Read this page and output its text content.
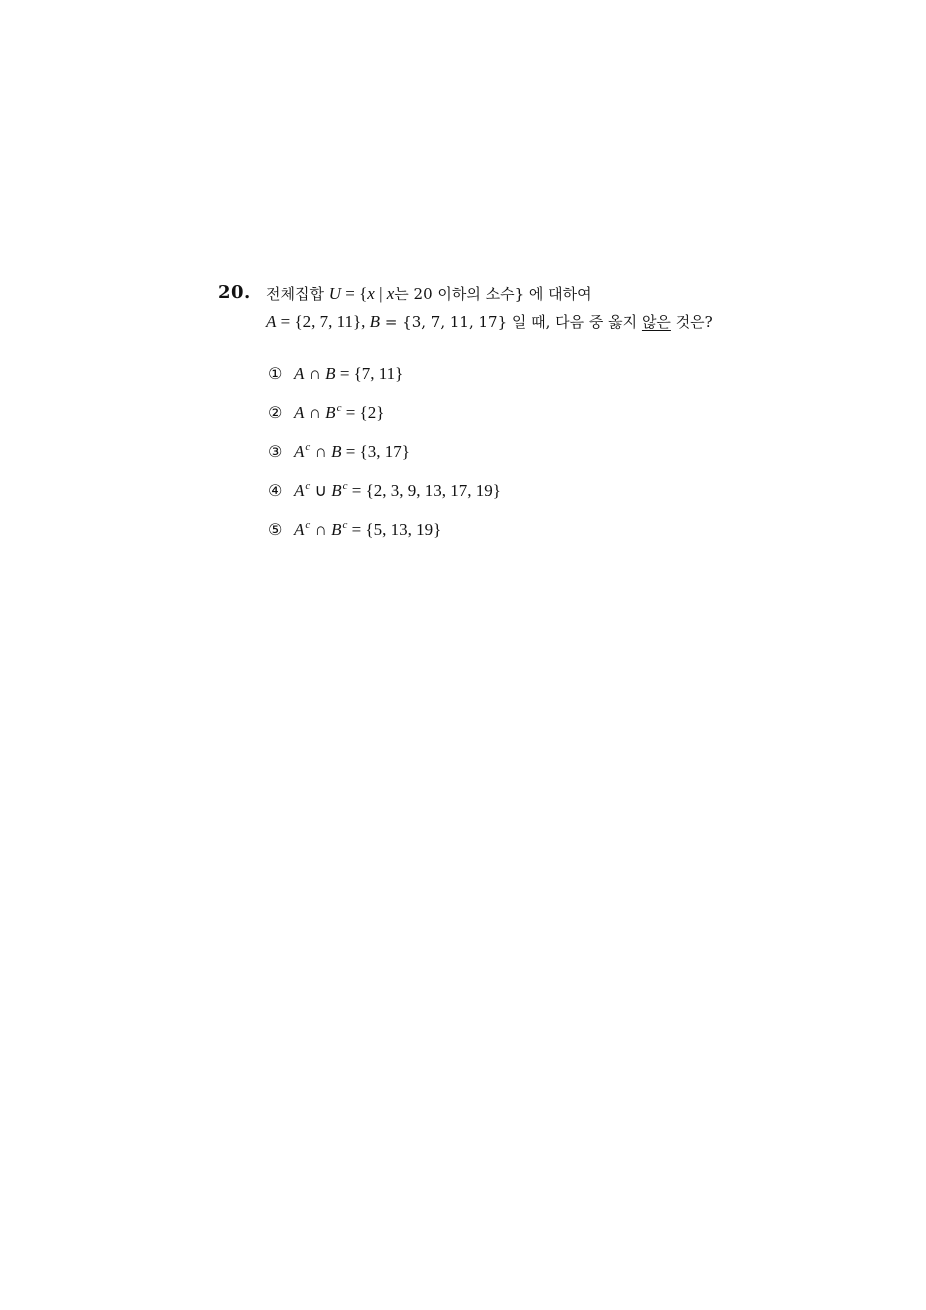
20. 전체집합 U = {x | x는 20 이하의 소수} 에 대하여
A = {2, 7, 11}, B = {3, 7, 11, 17} 일 때, 다음 중 옳지 않은 것은?
① A ∩ B = {7, 11}
② A ∩ $B^c = \{2\}$
③ $A^c$ ∩ B = {3, 17}
④ $A^c$ ∪ $B^c = \{2$, 3, 9, 13, 17, 19}
⑤ $A^c$ ∩ $B^c = \{5$, 13, 19}
